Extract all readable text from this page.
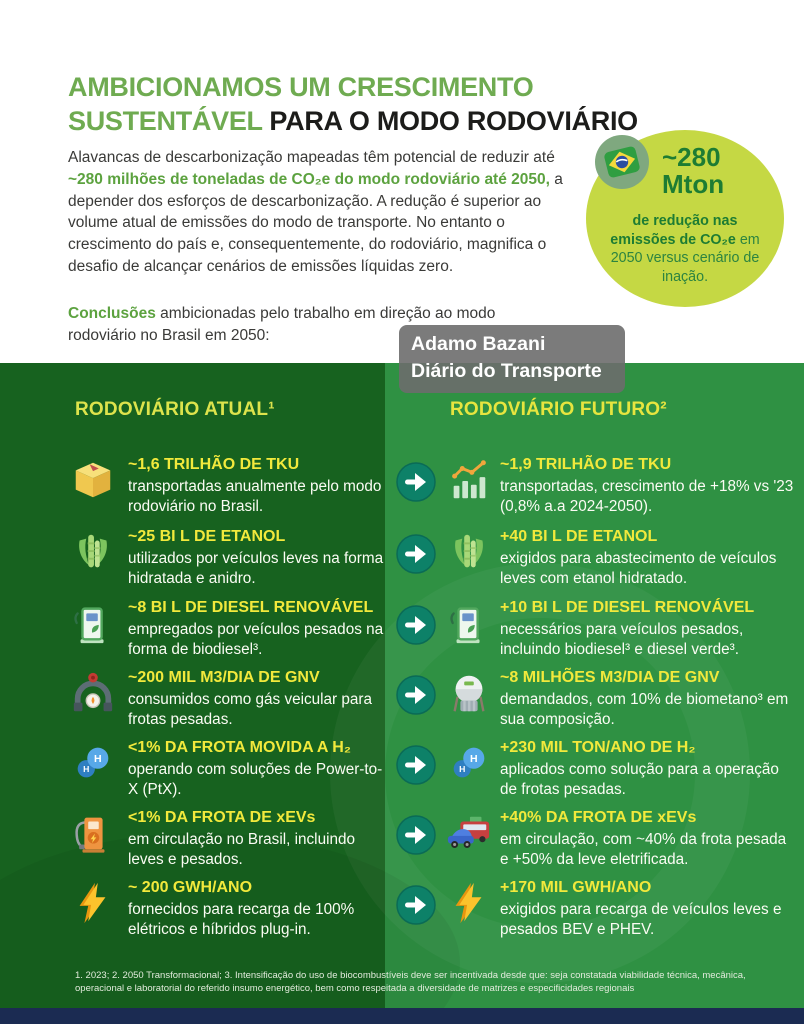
AMBICIONAMOS UM CRESCIMENTO
SUSTENTÁVEL PARA O MODO RODOVIÁRIO

Alavancas de descarbonização mapeadas têm potencial de reduzir até ~280 milhões de toneladas de CO₂e do modo rodoviário até 2050, a depender dos esforços de descarbonização. A redução é superior ao volume atual de emissões do modo de transporte. No entanto o crescimento do país e, consequentemente, do rodoviário, magnifica o desafio de alcançar cenários de emissões líquidas zero.

~280 Mton
de redução nas emissões de CO₂e em 2050 versus cenário de inação.

Conclusões ambicionadas pelo trabalho em direção ao modo rodoviário no Brasil em 2050:	Adamo Bazani
Diário do Transporte
RODOVIÁRIO ATUAL¹	RODOVIÁRIO FUTURO²
~1,6 TRILHÃO DE TKU
transportadas anualmente pelo modo rodoviário no Brasil.
~1,9 TRILHÃO DE TKU
transportadas, crescimento de +18% vs '23 (0,8% a.a 2024-2050).
~25 BI L DE ETANOL
utilizados por veículos leves na forma hidratada e anidro.
+40 BI L DE ETANOL
exigidos para abastecimento de veículos leves com etanol hidratado.
~8 BI L DE DIESEL RENOVÁVEL
empregados por veículos pesados na forma de biodiesel³.
+10 BI L DE DIESEL RENOVÁVEL
necessários para veículos pesados, incluindo biodiesel³ e diesel verde³.
~200 MIL M3/DIA DE GNV
consumidos como gás veicular para frotas pesadas.
~8 MILHÕES M3/DIA DE GNV
demandados, com 10% de biometano³ em sua composição.
H
H
<1% DA FROTA MOVIDA A H₂
operando com soluções de Power-to-X (PtX).
H
H
+230 MIL TON/ANO DE H₂
aplicados como solução para a operação de frotas pesadas.
<1% DA FROTA DE xEVs
em circulação no Brasil, incluindo leves e pesados.
+40% DA FROTA DE xEVs
em circulação, com ~40% da frota pesada e +50% da leve eletrificada.
~ 200 GWH/ANO
fornecidos para recarga de 100% elétricos e híbridos plug-in.
+170 MIL GWH/ANO
exigidos para recarga de veículos leves e pesados BEV e PHEV.
1. 2023; 2. 2050 Transformacional; 3. Intensificação do uso de biocombustíveis deve ser incentivada desde que: seja constatada viabilidade técnica, mecânica, operacional e laboratorial do referido insumo energético, bem como respeitada a diversidade de matrizes e especificidades regionais
